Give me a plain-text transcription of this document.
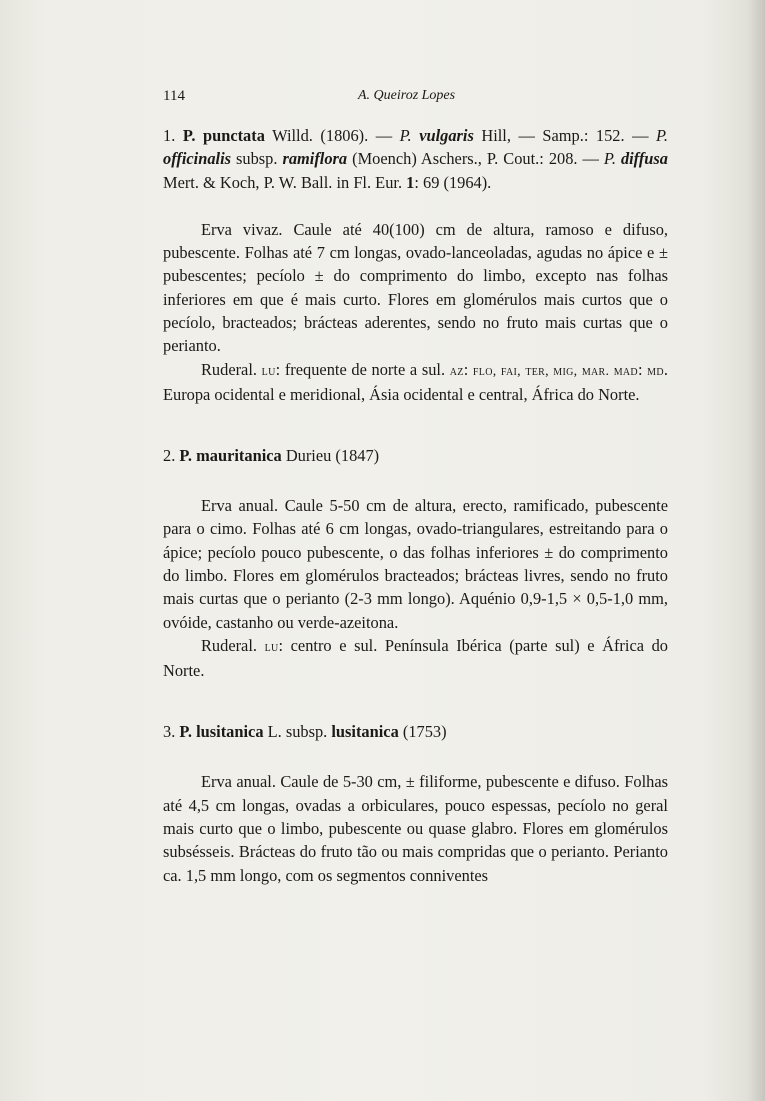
114	A. Queiroz Lopes

1. P. punctata Willd. (1806). — P. vulgaris Hill, — Samp.: 152. — P. officinalis subsp. ramiflora (Moench) Aschers., P. Cout.: 208. — P. diffusa Mert. & Koch, P. W. Ball. in Fl. Eur. 1: 69 (1964).

Erva vivaz. Caule até 40(100) cm de altura, ramoso e difuso, pubescente. Folhas até 7 cm longas, ovado-lanceoladas, agudas no ápice e ± pubescentes; pecíolo ± do comprimento do limbo, excepto nas folhas inferiores em que é mais curto. Flores em glomérulos mais curtos que o pecíolo, bracteados; brácteas aderentes, sendo no fruto mais curtas que o perianto.

Ruderal. lu: frequente de norte a sul. az: flo, fai, ter, mig, mar. mad: md. Europa ocidental e meridional, Ásia ocidental e central, África do Norte.

2. P. mauritanica Durieu (1847)

Erva anual. Caule 5-50 cm de altura, erecto, ramificado, pubescente para o cimo. Folhas até 6 cm longas, ovado-triangulares, estreitando para o ápice; pecíolo pouco pubescente, o das folhas inferiores ± do comprimento do limbo. Flores em glomérulos bracteados; brácteas livres, sendo no fruto mais curtas que o perianto (2-3 mm longo). Aquénio 0,9-1,5 × 0,5-1,0 mm, ovóide, castanho ou verde-azeitona.

Ruderal. lu: centro e sul. Península Ibérica (parte sul) e África do Norte.

3. P. lusitanica L. subsp. lusitanica (1753)

Erva anual. Caule de 5-30 cm, ± filiforme, pubescente e difuso. Folhas até 4,5 cm longas, ovadas a orbiculares, pouco espessas, pecíolo no geral mais curto que o limbo, pubescente ou quase glabro. Flores em glomérulos subsésseis. Brácteas do fruto tão ou mais compridas que o perianto. Perianto ca. 1,5 mm longo, com os segmentos conniventes
